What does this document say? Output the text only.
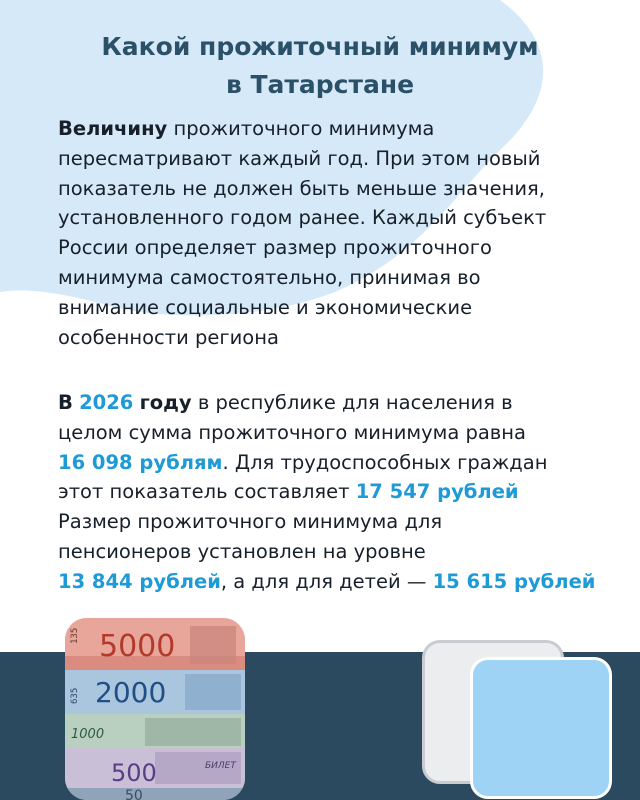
Какой прожиточный минимум
в Татарстане
Величину прожиточного минимума
пересматривают каждый год. При этом новый
показатель не должен быть меньше значения,
установленного годом ранее. Каждый субъект
России определяет размер прожиточного
минимума самостоятельно, принимая во
внимание социальные и экономические
особенности региона
В 2026 году в республике для населения в
целом сумма прожиточного минимума равна
16 098 рублям. Для трудоспособных граждан
этот показатель составляет 17 547 рублей
Размер прожиточного минимума для
пенсионеров установлен на уровне
13 844 рублей, а для для детей — 15 615 рублей
135 5000
635 2000
1000
500	БИЛЕТ
50
